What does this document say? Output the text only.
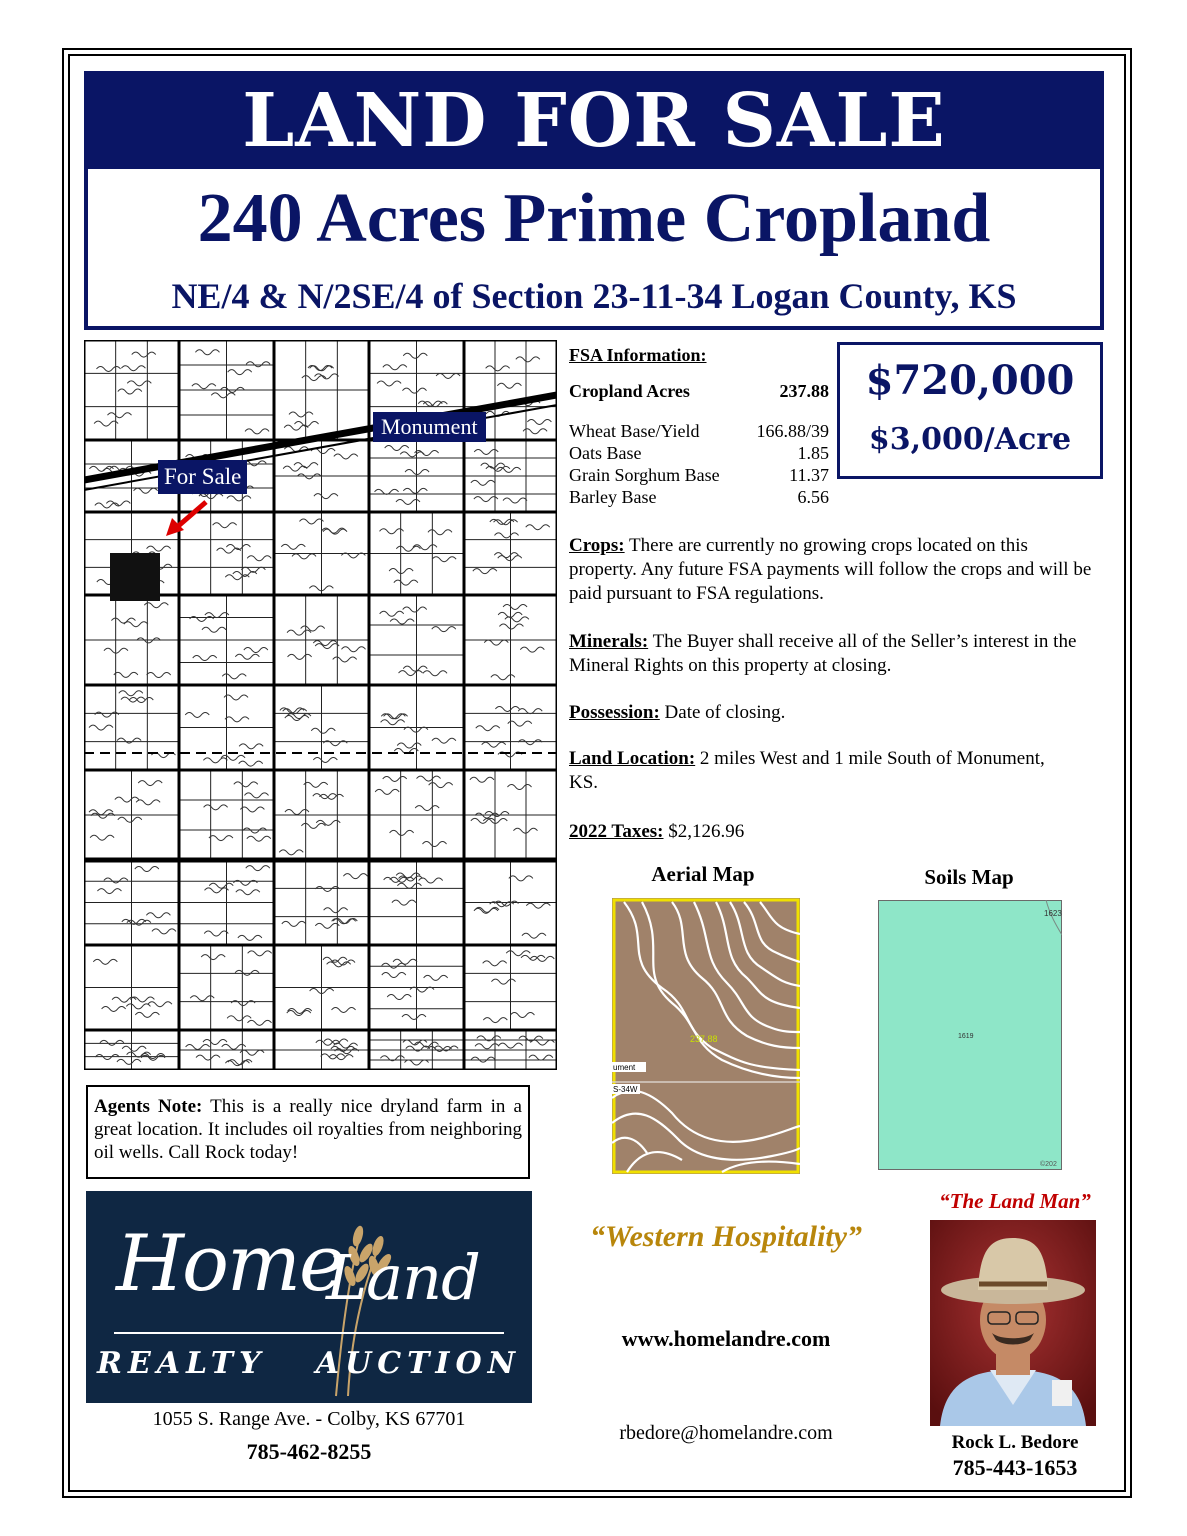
LAND FOR SALE
240 Acres Prime Cropland
NE/4 & N/2SE/4 of Section 23-11-34 Logan County, KS
Monument
For Sale
FSA Information:
Cropland Acres	237.88
Wheat Base/Yield	166.88/39
Oats Base	1.85
Grain Sorghum Base	11.37
Barley Base	6.56
$720,000
$3,000/Acre
Crops: There are currently no growing crops located on this property. Any future FSA payments will follow the crops and will be paid pursuant to FSA regulations.
Minerals: The Buyer shall receive all of the Seller’s interest in the Mineral Rights on this property at closing.
Possession: Date of closing.
Land Location: 2 miles West and 1 mile South of Monument, KS.
2022 Taxes: $2,126.96
Aerial Map	Soils Map
237.88
ument
S-34W
1623
1619
©202
Agents Note: This is a really nice dryland farm in a great location. It includes oil royalties from neighboring oil wells. Call Rock today!
Home
Land
REALTY   AUCTION
1055 S. Range Ave. - Colby, KS 67701
785-462-8255
“Western Hospitality”
www.homelandre.com
rbedore@homelandre.com
“The Land Man”
Rock L. Bedore
785-443-1653
